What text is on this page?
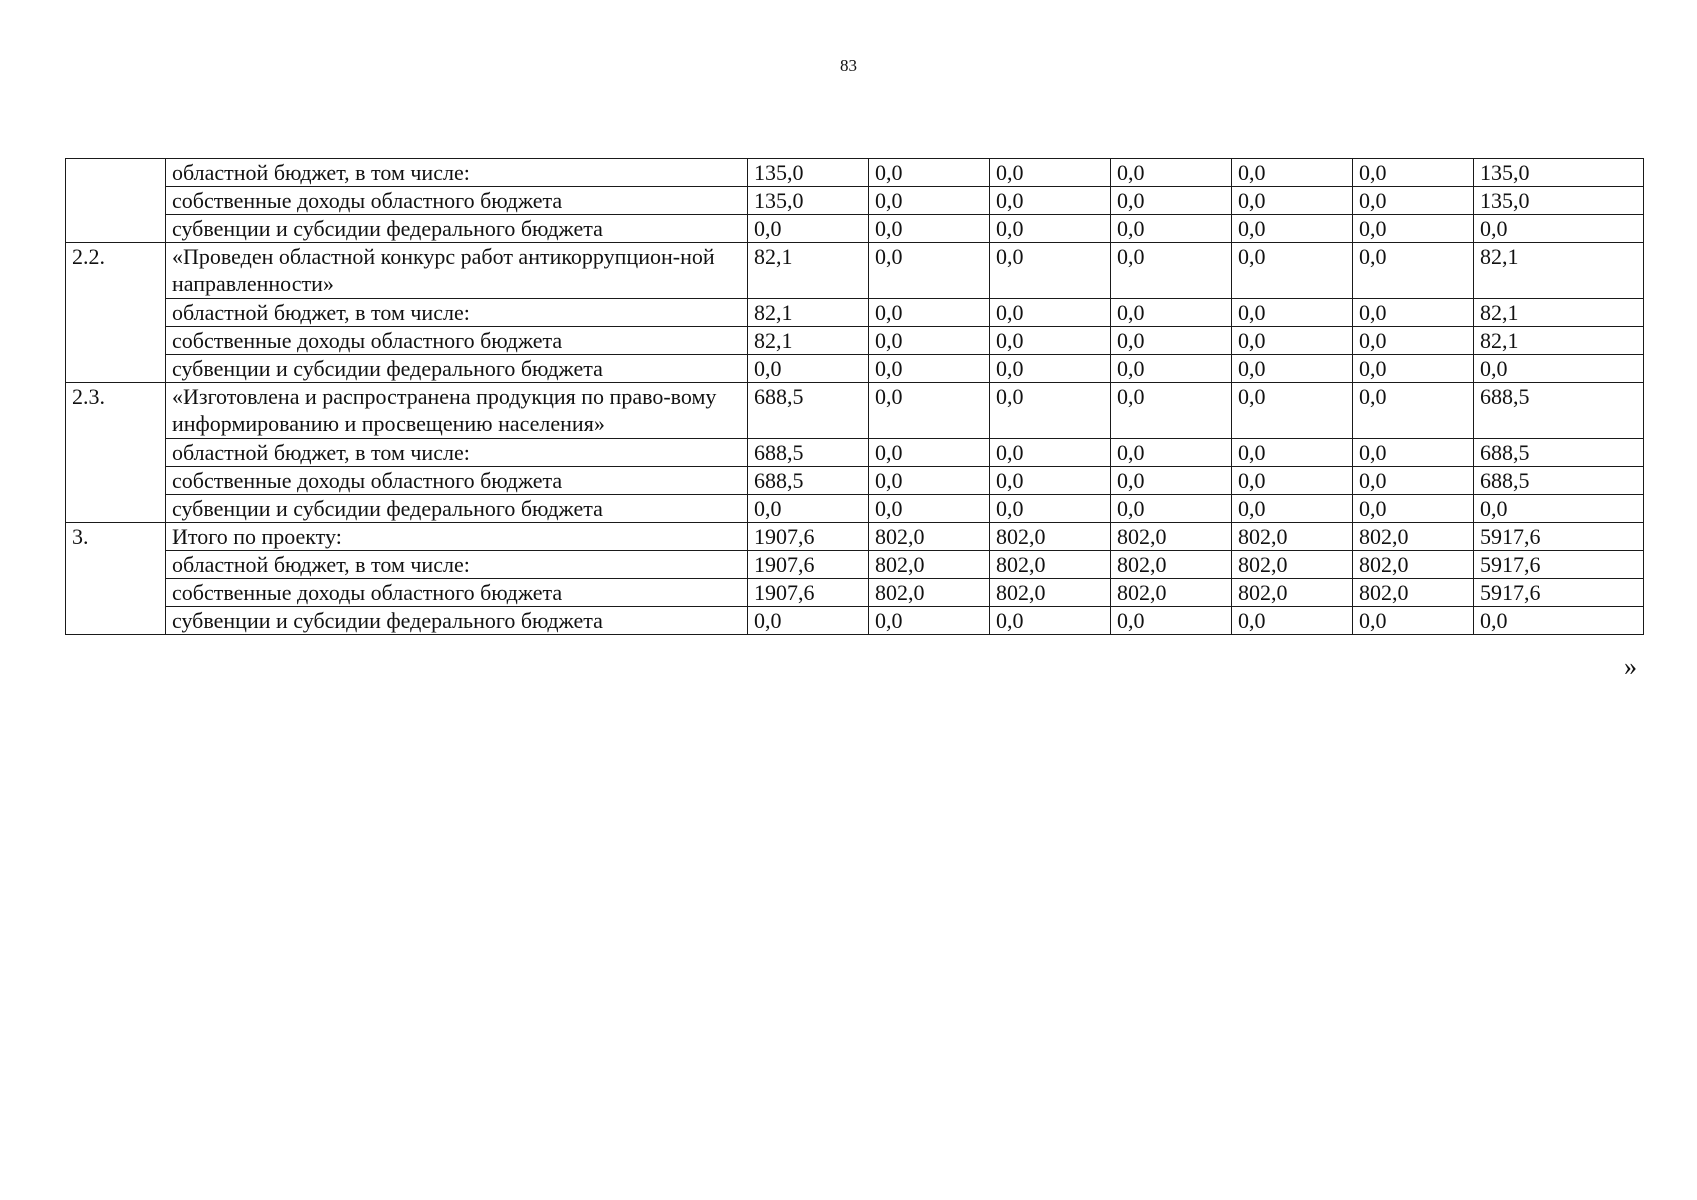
83
	областной бюджет, в том числе:	135,0	0,0	0,0	0,0	0,0	0,0	135,0
	собственные доходы областного бюджета	135,0	0,0	0,0	0,0	0,0	0,0	135,0
	субвенции и субсидии федерального бюджета	0,0	0,0	0,0	0,0	0,0	0,0	0,0
2.2.	«Проведен областной конкурс работ антикоррупцион-ной направленности»	82,1	0,0	0,0	0,0	0,0	0,0	82,1
	областной бюджет, в том числе:	82,1	0,0	0,0	0,0	0,0	0,0	82,1
	собственные доходы областного бюджета	82,1	0,0	0,0	0,0	0,0	0,0	82,1
	субвенции и субсидии федерального бюджета	0,0	0,0	0,0	0,0	0,0	0,0	0,0
2.3.	«Изготовлена и распространена продукция по право-вому информированию и просвещению населения»	688,5	0,0	0,0	0,0	0,0	0,0	688,5
	областной бюджет, в том числе:	688,5	0,0	0,0	0,0	0,0	0,0	688,5
	собственные доходы областного бюджета	688,5	0,0	0,0	0,0	0,0	0,0	688,5
	субвенции и субсидии федерального бюджета	0,0	0,0	0,0	0,0	0,0	0,0	0,0
3.	Итого по проекту:	1907,6	802,0	802,0	802,0	802,0	802,0	5917,6
	областной бюджет, в том числе:	1907,6	802,0	802,0	802,0	802,0	802,0	5917,6
	собственные доходы областного бюджета	1907,6	802,0	802,0	802,0	802,0	802,0	5917,6
	субвенции и субсидии федерального бюджета	0,0	0,0	0,0	0,0	0,0	0,0	0,0
»
